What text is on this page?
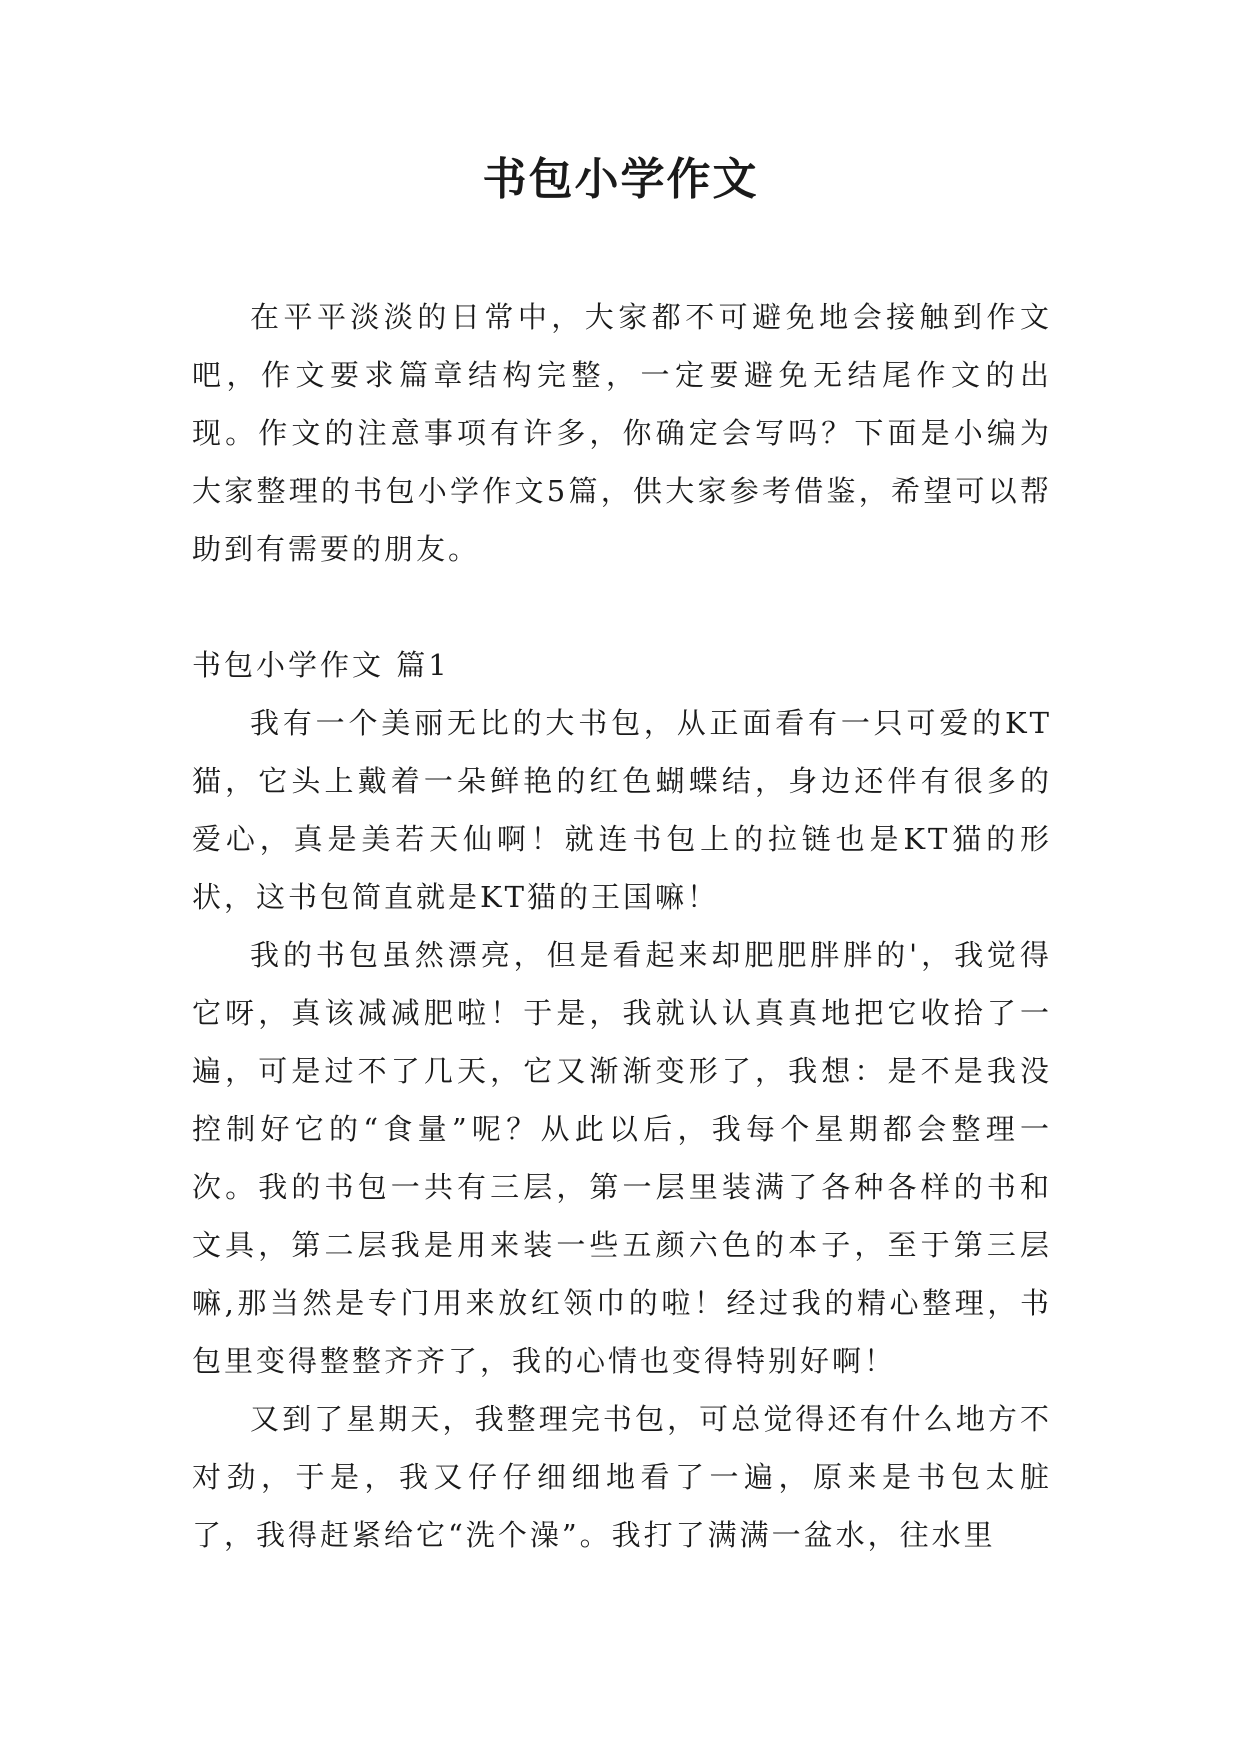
书包小学作文

在平平淡淡的日常中，大家都不可避免地会接触到作文吧，作文要求篇章结构完整，一定要避免无结尾作文的出现。作文的注意事项有许多，你确定会写吗？下面是小编为大家整理的书包小学作文5篇，供大家参考借鉴，希望可以帮助到有需要的朋友。

书包小学作文 篇1

我有一个美丽无比的大书包，从正面看有一只可爱的KT猫，它头上戴着一朵鲜艳的红色蝴蝶结，身边还伴有很多的爱心，真是美若天仙啊！就连书包上的拉链也是KT猫的形状，这书包简直就是KT猫的王国嘛！

我的书包虽然漂亮，但是看起来却肥肥胖胖的'，我觉得它呀，真该减减肥啦！于是，我就认认真真地把它收拾了一遍，可是过不了几天，它又渐渐变形了，我想：是不是我没控制好它的“食量”呢？从此以后，我每个星期都会整理一次。我的书包一共有三层，第一层里装满了各种各样的书和文具，第二层我是用来装一些五颜六色的本子，至于第三层嘛,那当然是专门用来放红领巾的啦！经过我的精心整理，书包里变得整整齐齐了，我的心情也变得特别好啊！

又到了星期天，我整理完书包，可总觉得还有什么地方不对劲，于是，我又仔仔细细地看了一遍，原来是书包太脏了，我得赶紧给它“洗个澡”。我打了满满一盆水，往水里
